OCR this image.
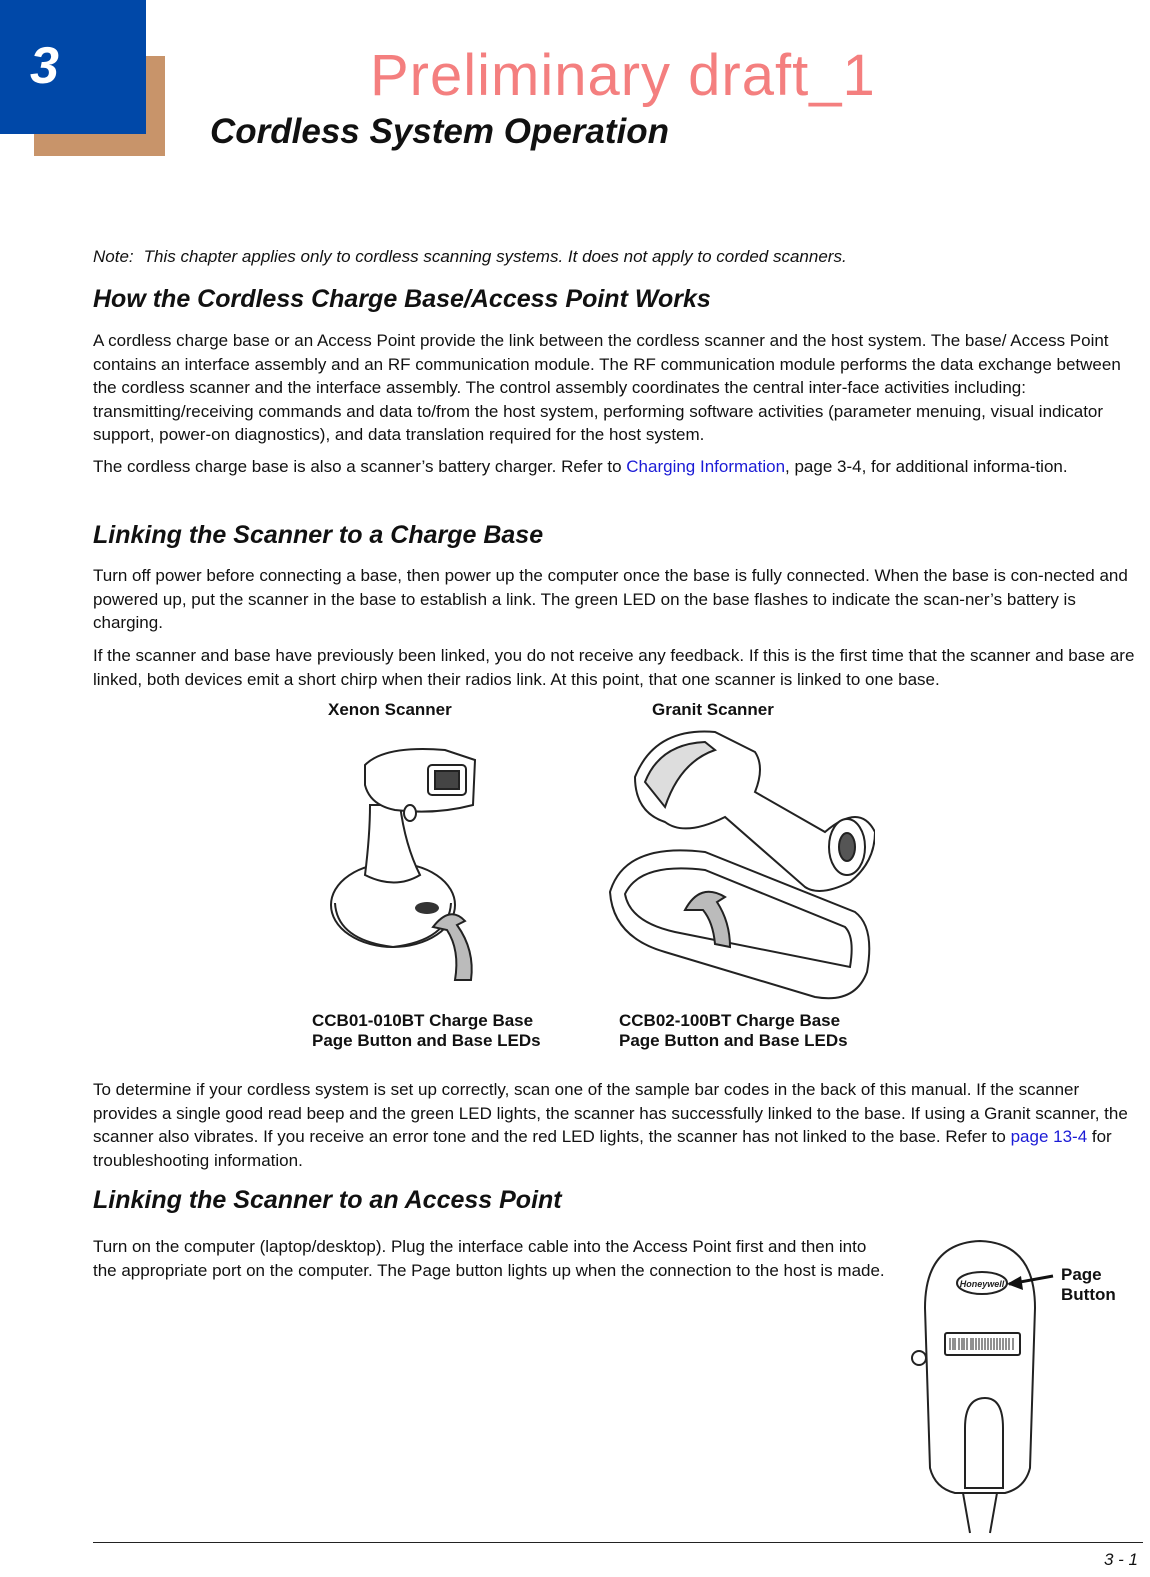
3	Preliminary draft_1
Cordless System Operation
Note: This chapter applies only to cordless scanning systems. It does not apply to corded scanners.
How the Cordless Charge Base/Access Point Works

A cordless charge base or an Access Point provide the link between the cordless scanner and the host system. The base/ Access Point contains an interface assembly and an RF communication module. The RF communication module performs the data exchange between the cordless scanner and the interface assembly. The control assembly coordinates the central inter-face activities including: transmitting/receiving commands and data to/from the host system, performing software activities (parameter menuing, visual indicator support, power-on diagnostics), and data translation required for the host system.

The cordless charge base is also a scanner’s battery charger. Refer to Charging Information, page 3-4, for additional informa-tion.

Linking the Scanner to a Charge Base

Turn off power before connecting a base, then power up the computer once the base is fully connected. When the base is con-nected and powered up, put the scanner in the base to establish a link. The green LED on the base flashes to indicate the scan-ner’s battery is charging.

If the scanner and base have previously been linked, you do not receive any feedback. If this is the first time that the scanner and base are linked, both devices emit a short chirp when their radios link. At this point, that one scanner is linked to one base.

Xenon Scanner	Granit Scanner
CCB01-010BT Charge Base
Page Button and Base LEDs
CCB02-100BT Charge Base
Page Button and Base LEDs

To determine if your cordless system is set up correctly, scan one of the sample bar codes in the back of this manual. If the scanner provides a single good read beep and the green LED lights, the scanner has successfully linked to the base. If using a Granit scanner, the scanner also vibrates. If you receive an error tone and the red LED lights, the scanner has not linked to the base. Refer to page 13-4 for troubleshooting information.

Linking the Scanner to an Access Point

Turn on the computer (laptop/desktop). Plug the interface cable into the Access Point first and then into the appropriate port on the computer. The Page button lights up when the connection to the host is made.

Honeywell	Page
Button
3 - 1
